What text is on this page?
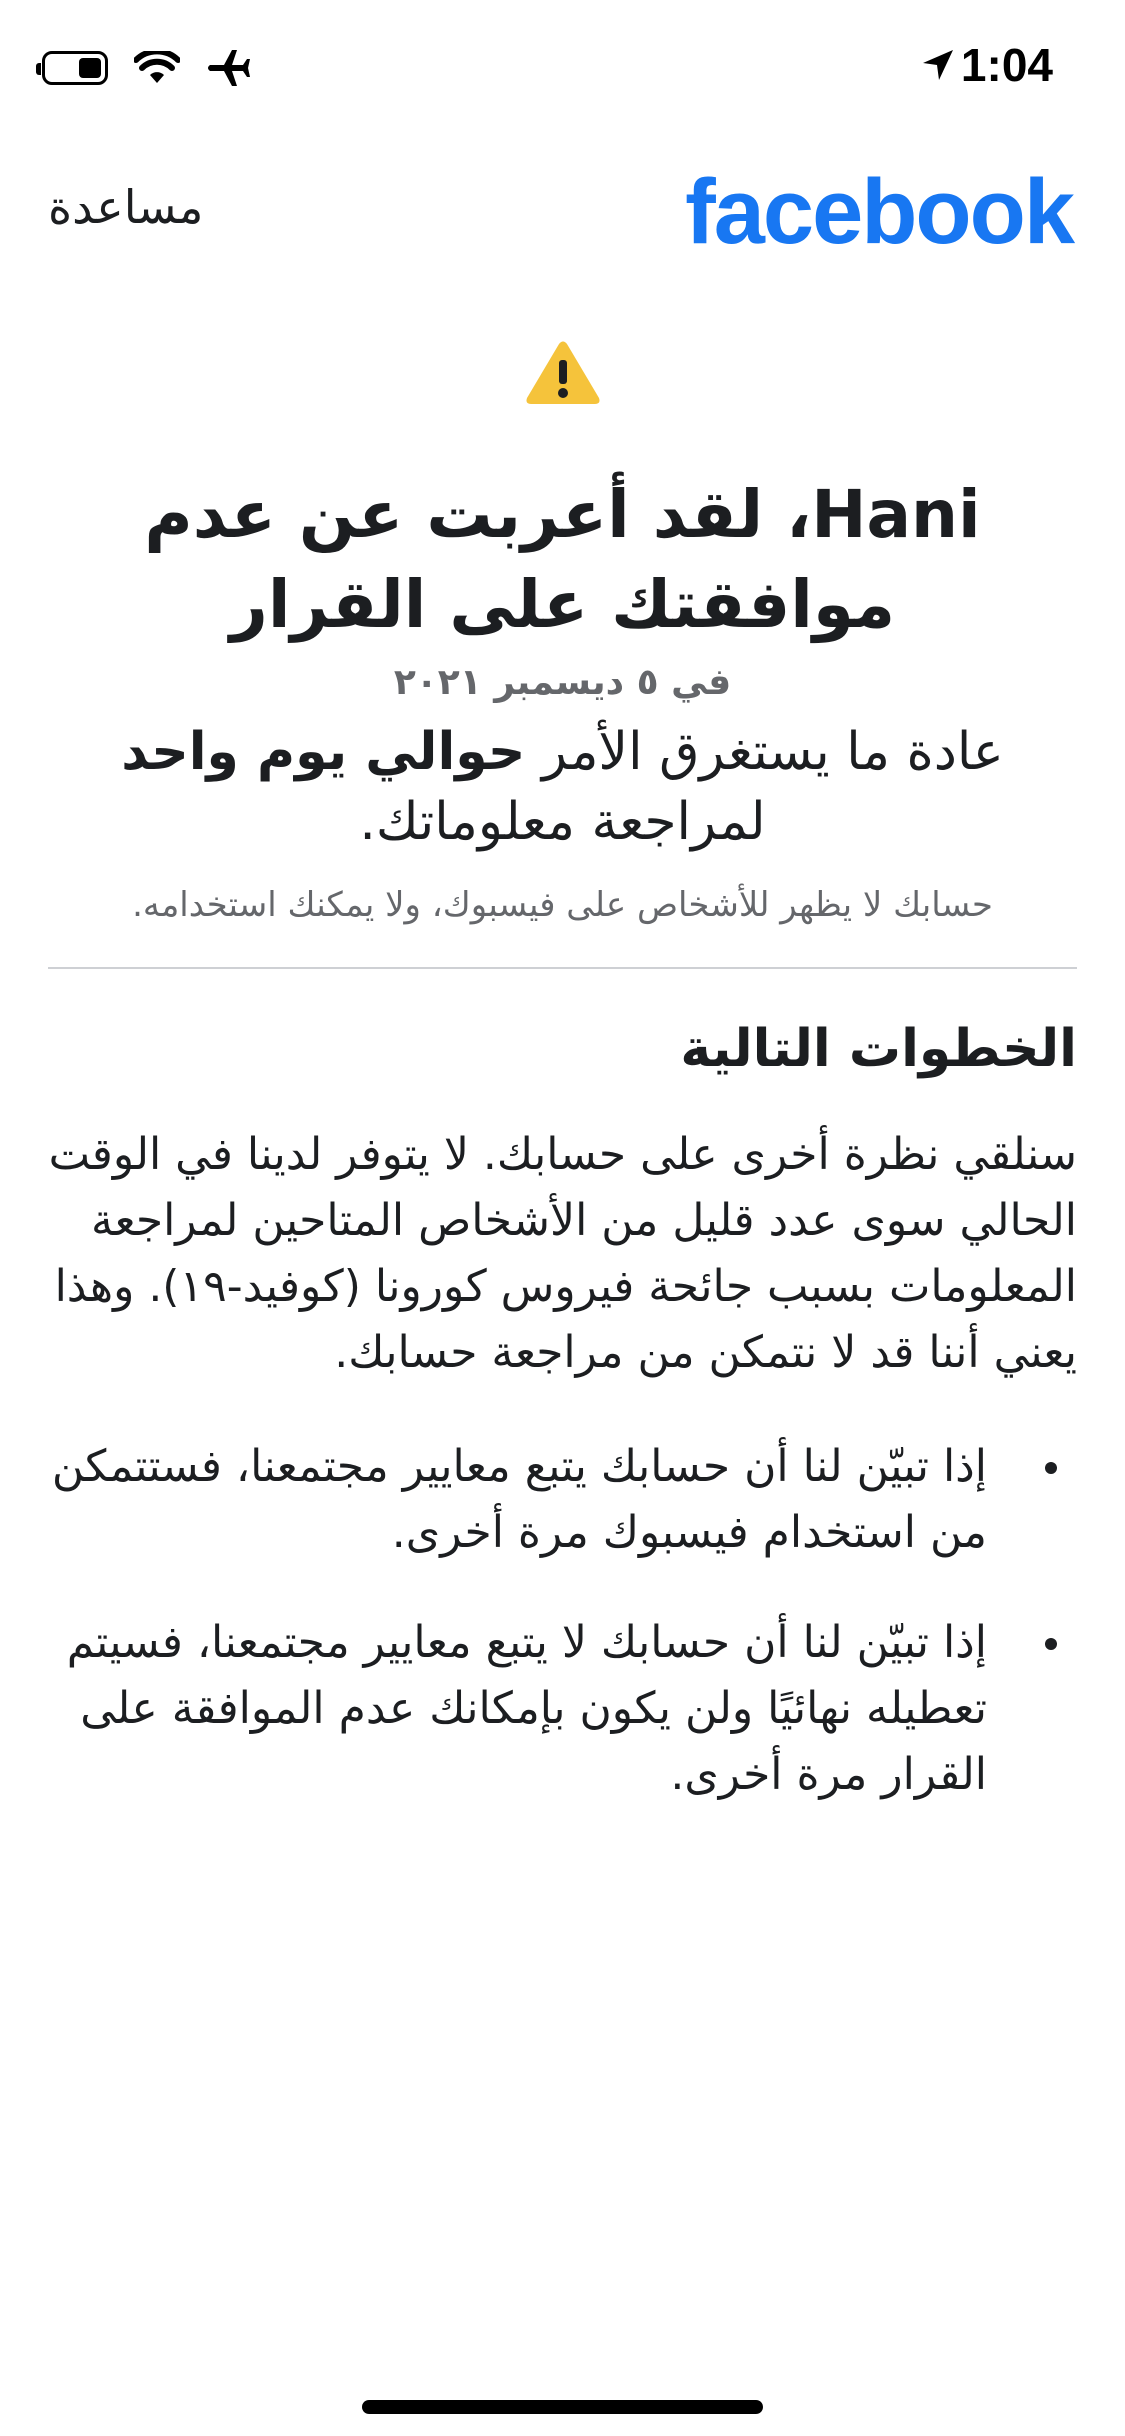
1:04
مساعدة	facebook
Hani، لقد أعربت عن عدم موافقتك على القرار
في ٥ ديسمبر ٢٠٢١
عادة ما يستغرق الأمر حوالي يوم واحد لمراجعة معلوماتك.
حسابك لا يظهر للأشخاص على فيسبوك، ولا يمكنك استخدامه.
الخطوات التالية

سنلقي نظرة أخرى على حسابك. لا يتوفر لدينا في الوقت الحالي سوى عدد قليل من الأشخاص المتاحين لمراجعة المعلومات بسبب جائحة فيروس كورونا (كوفيد-١٩). وهذا يعني أننا قد لا نتمكن من مراجعة حسابك.

إذا تبيّن لنا أن حسابك يتبع معايير مجتمعنا، فستتمكن من استخدام فيسبوك مرة أخرى.
إذا تبيّن لنا أن حسابك لا يتبع معايير مجتمعنا، فسيتم تعطيله نهائيًا ولن يكون بإمكانك عدم الموافقة على القرار مرة أخرى.
